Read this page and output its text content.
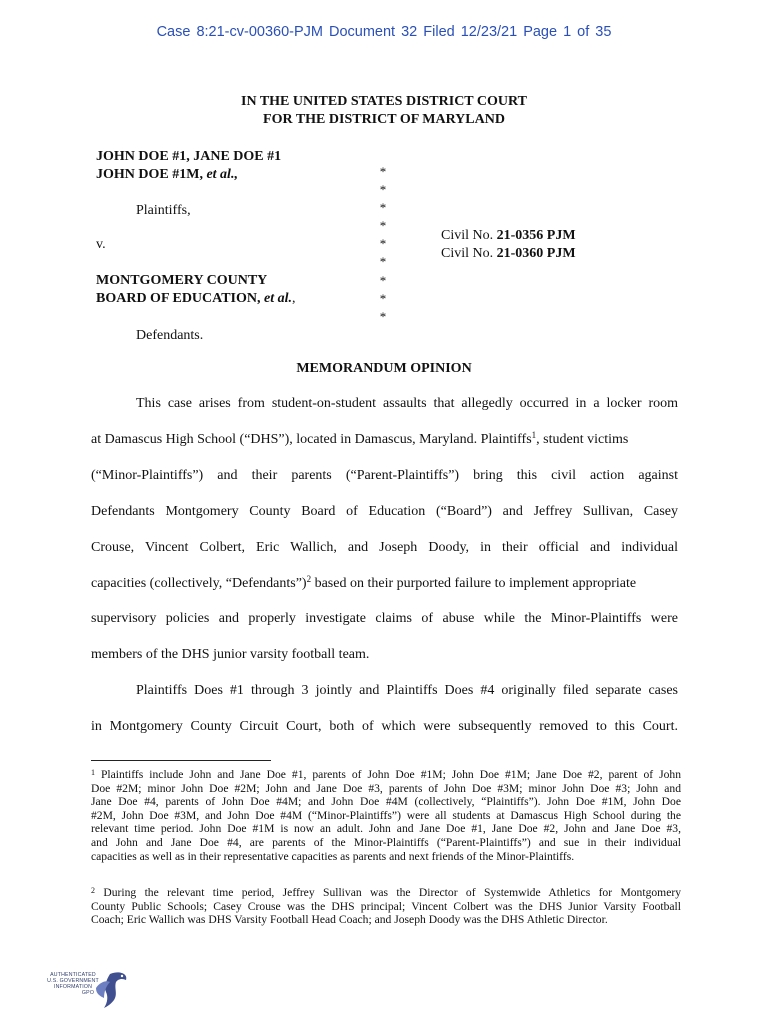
Case 8:21-cv-00360-PJM Document 32 Filed 12/23/21 Page 1 of 35
IN THE UNITED STATES DISTRICT COURT
FOR THE DISTRICT OF MARYLAND
JOHN DOE #1, JANE DOE #1
JOHN DOE #1M, et al.,
Plaintiffs,
v.
MONTGOMERY COUNTY
BOARD OF EDUCATION, et al.,
Defendants.
*
*
*
*
*
*
*
*
*
Civil No. 21-0356 PJM
Civil No. 21-0360 PJM
MEMORANDUM OPINION
This case arises from student-on-student assaults that allegedly occurred in a locker room
at Damascus High School (“DHS”), located in Damascus, Maryland. Plaintiffs$^1$, student victims
(“Minor-Plaintiffs”) and their parents (“Parent-Plaintiffs”) bring this civil action against
Defendants Montgomery County Board of Education (“Board”) and Jeffrey Sullivan, Casey
Crouse, Vincent Colbert, Eric Wallich, and Joseph Doody, in their official and individual
capacities (collectively, “Defendants”)$^2$ based on their purported failure to implement appropriate
supervisory policies and properly investigate claims of abuse while the Minor-Plaintiffs were
members of the DHS junior varsity football team.
Plaintiffs Does #1 through 3 jointly and Plaintiffs Does #4 originally filed separate cases
in Montgomery County Circuit Court, both of which were subsequently removed to this Court.

$^1$ Plaintiffs include John and Jane Doe #1, parents of John Doe #1M; John Doe #1M; Jane Doe #2, parent of John

Doe #2M; minor John Doe #2M; John and Jane Doe #3, parents of John Doe #3M; minor John Doe #3; John and

Jane Doe #4, parents of John Doe #4M; and John Doe #4M (collectively, “Plaintiffs”). John Doe #1M, John Doe

#2M, John Doe #3M, and John Doe #4M (“Minor-Plaintiffs”) were all students at Damascus High School during the

relevant time period. John Doe #1M is now an adult. John and Jane Doe #1, Jane Doe #2, John and Jane Doe #3,

and John and Jane Doe #4, are parents of the Minor-Plaintiffs (“Parent-Plaintiffs”) and sue in their individual

capacities as well as in their representative capacities as parents and next friends of the Minor-Plaintiffs.

$^2$ During the relevant time period, Jeffrey Sullivan was the Director of Systemwide Athletics for Montgomery

County Public Schools; Casey Crouse was the DHS principal; Vincent Colbert was the DHS Junior Varsity Football

Coach; Eric Wallich was DHS Varsity Football Head Coach; and Joseph Doody was the DHS Athletic Director.

AUTHENTICATED
U.S. GOVERNMENT
INFORMATION
GPO
